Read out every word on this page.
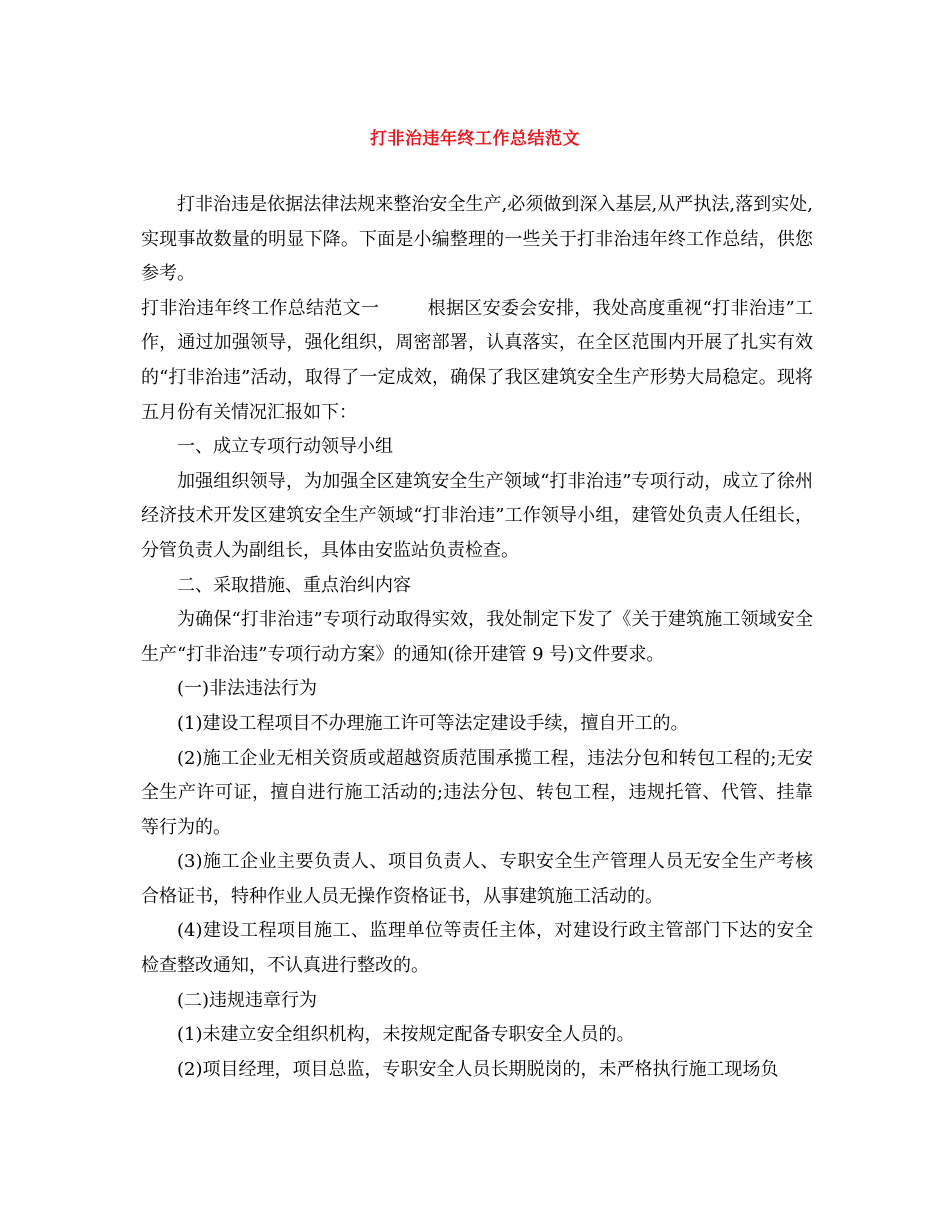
打非治违年终工作总结范文

打非治违是依据法律法规来整治安全生产,必须做到深入基层,从严执法,落到实处,实现事故数量的明显下降。下面是小编整理的一些关于打非治违年终工作总结，供您参考。

打非治违年终工作总结范文一	根据区安委会安排，我处高度重视“打非治违”工作，通过加强领导，强化组织，周密部署，认真落实，在全区范围内开展了扎实有效的“打非治违”活动，取得了一定成效，确保了我区建筑安全生产形势大局稳定。现将五月份有关情况汇报如下：

一、成立专项行动领导小组

加强组织领导，为加强全区建筑安全生产领域“打非治违”专项行动，成立了徐州经济技术开发区建筑安全生产领域“打非治违”工作领导小组，建管处负责人任组长，分管负责人为副组长，具体由安监站负责检查。

二、采取措施、重点治纠内容

为确保“打非治违”专项行动取得实效，我处制定下发了《关于建筑施工领域安全生产“打非治违”专项行动方案》的通知(徐开建管 9 号)文件要求。

(一)非法违法行为

(1)建设工程项目不办理施工许可等法定建设手续，擅自开工的。

(2)施工企业无相关资质或超越资质范围承揽工程，违法分包和转包工程的;无安全生产许可证，擅自进行施工活动的;违法分包、转包工程，违规托管、代管、挂靠等行为的。

(3)施工企业主要负责人、项目负责人、专职安全生产管理人员无安全生产考核合格证书，特种作业人员无操作资格证书，从事建筑施工活动的。

(4)建设工程项目施工、监理单位等责任主体，对建设行政主管部门下达的安全检查整改通知，不认真进行整改的。

(二)违规违章行为

(1)未建立安全组织机构，未按规定配备专职安全人员的。

(2)项目经理，项目总监，专职安全人员长期脱岗的，未严格执行施工现场负
